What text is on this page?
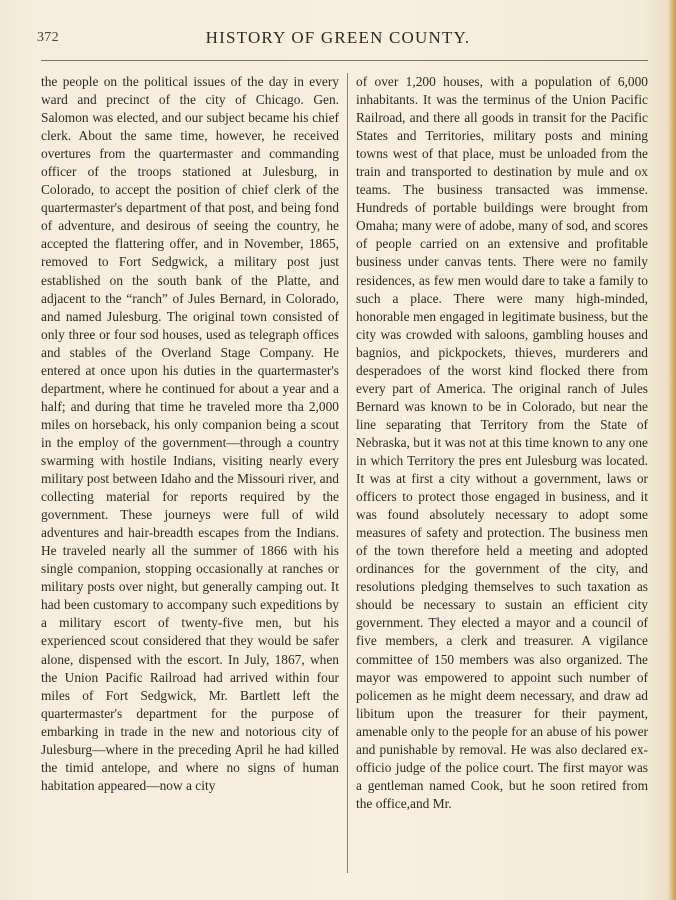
372	HISTORY OF GREEN COUNTY.

the people on the political issues of the day in every ward and precinct of the city of Chicago. Gen. Salomon was elected, and our subject became his chief clerk. About the same time, however, he received overtures from the quartermaster and commanding officer of the troops stationed at Julesburg, in Colorado, to accept the position of chief clerk of the quartermaster's department of that post, and being fond of adventure, and desirous of seeing the country, he accepted the flattering offer, and in November, 1865, removed to Fort Sedgwick, a military post just established on the south bank of the Platte, and adjacent to the “ranch” of Jules Bernard, in Colorado, and named Julesburg. The original town consisted of only three or four sod houses, used as telegraph offices and stables of the Overland Stage Company. He entered at once upon his duties in the quartermaster's department, where he continued for about a year and a half; and during that time he traveled more tha 2,000 miles on horseback, his only companion being a scout in the employ of the government—through a country swarming with hostile Indians, visiting nearly every military post between Idaho and the Missouri river, and collecting material for reports required by the government. These journeys were full of wild adventures and hair-breadth escapes from the Indians. He traveled nearly all the summer of 1866 with his single companion, stopping occasionally at ranches or military posts over night, but generally camping out. It had been customary to accompany such expeditions by a military escort of twenty-five men, but his experienced scout considered that they would be safer alone, dispensed with the escort. In July, 1867, when the Union Pacific Railroad had arrived within four miles of Fort Sedgwick, Mr. Bartlett left the quartermaster's department for the purpose of embarking in trade in the new and notorious city of Julesburg—where in the preceding April he had killed the timid antelope, and where no signs of human habitation appeared—now a city

of over 1,200 houses, with a population of 6,000 inhabitants. It was the terminus of the Union Pacific Railroad, and there all goods in transit for the Pacific States and Territories, military posts and mining towns west of that place, must be unloaded from the train and transported to destination by mule and ox teams. The business transacted was immense. Hundreds of portable buildings were brought from Omaha; many were of adobe, many of sod, and scores of people carried on an extensive and profitable business under canvas tents. There were no family residences, as few men would dare to take a family to such a place. There were many high-minded, honorable men engaged in legitimate business, but the city was crowded with saloons, gambling houses and bagnios, and pickpockets, thieves, murderers and desperadoes of the worst kind flocked there from every part of America. The original ranch of Jules Bernard was known to be in Colorado, but near the line separating that Territory from the State of Nebraska, but it was not at this time known to any one in which Territory the pres ent Julesburg was located. It was at first a city without a government, laws or officers to protect those engaged in business, and it was found absolutely necessary to adopt some measures of safety and protection. The business men of the town therefore held a meeting and adopted ordinances for the government of the city, and resolutions pledging themselves to such taxation as should be necessary to sustain an efficient city government. They elected a mayor and a council of five members, a clerk and treasurer. A vigilance committee of 150 members was also organized. The mayor was empowered to appoint such number of policemen as he might deem necessary, and draw ad libitum upon the treasurer for their payment, amenable only to the people for an abuse of his power and punishable by removal. He was also declared ex-officio judge of the police court. The first mayor was a gentleman named Cook, but he soon retired from the office,and Mr.
